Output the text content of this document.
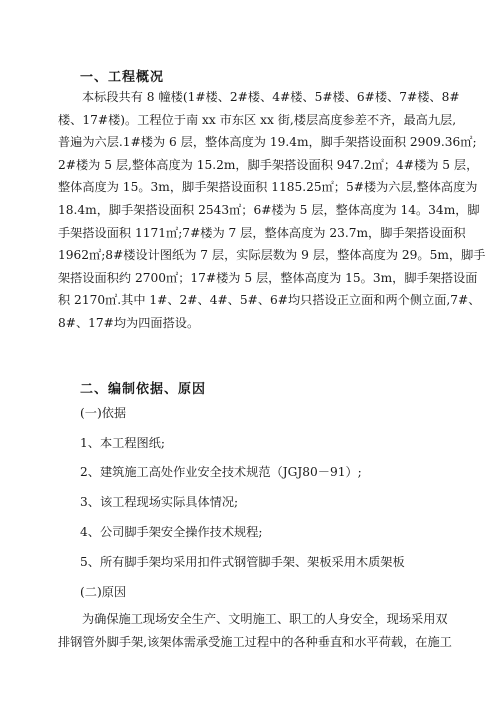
一、工程概况
本标段共有 8 幢楼(1#楼、2#楼、4#楼、5#楼、6#楼、7#楼、8#
楼、17#楼)。工程位于南 xx 市东区 xx 街,楼层高度参差不齐，最高九层,
普遍为六层.1#楼为 6 层，整体高度为 19.4m，脚手架搭设面积 2909.36㎡;
2#楼为 5 层,整体高度为 15.2m，脚手架搭设面积 947.2㎡；4#楼为 5 层，
整体高度为 15。3m，脚手架搭设面积 1185.25㎡；5#楼为六层,整体高度为
18.4m，脚手架搭设面积 2543㎡；6#楼为 5 层，整体高度为 14。34m，脚
手架搭设面积 1171㎡;7#楼为 7 层，整体高度为 23.7m，脚手架搭设面积
1962㎡;8#楼设计图纸为 7 层，实际层数为 9 层，整体高度为 29。5m，脚手
架搭设面积约 2700㎡；17#楼为 5 层，整体高度为 15。3m，脚手架搭设面
积 2170㎡.其中 1#、2#、4#、5#、6#均只搭设正立面和两个侧立面,7#、
8#、17#均为四面搭设。
二、编制依据、原因
(一)依据
1、本工程图纸;
2、建筑施工高处作业安全技术规范（JGJ80－91）;
3、该工程现场实际具体情况;
4、公司脚手架安全操作技术规程;
5、所有脚手架均采用扣件式钢管脚手架、架板采用木质架板
(二)原因
为确保施工现场安全生产、文明施工、职工的人身安全，现场采用双
排钢管外脚手架,该架体需承受施工过程中的各种垂直和水平荷载，在施工
